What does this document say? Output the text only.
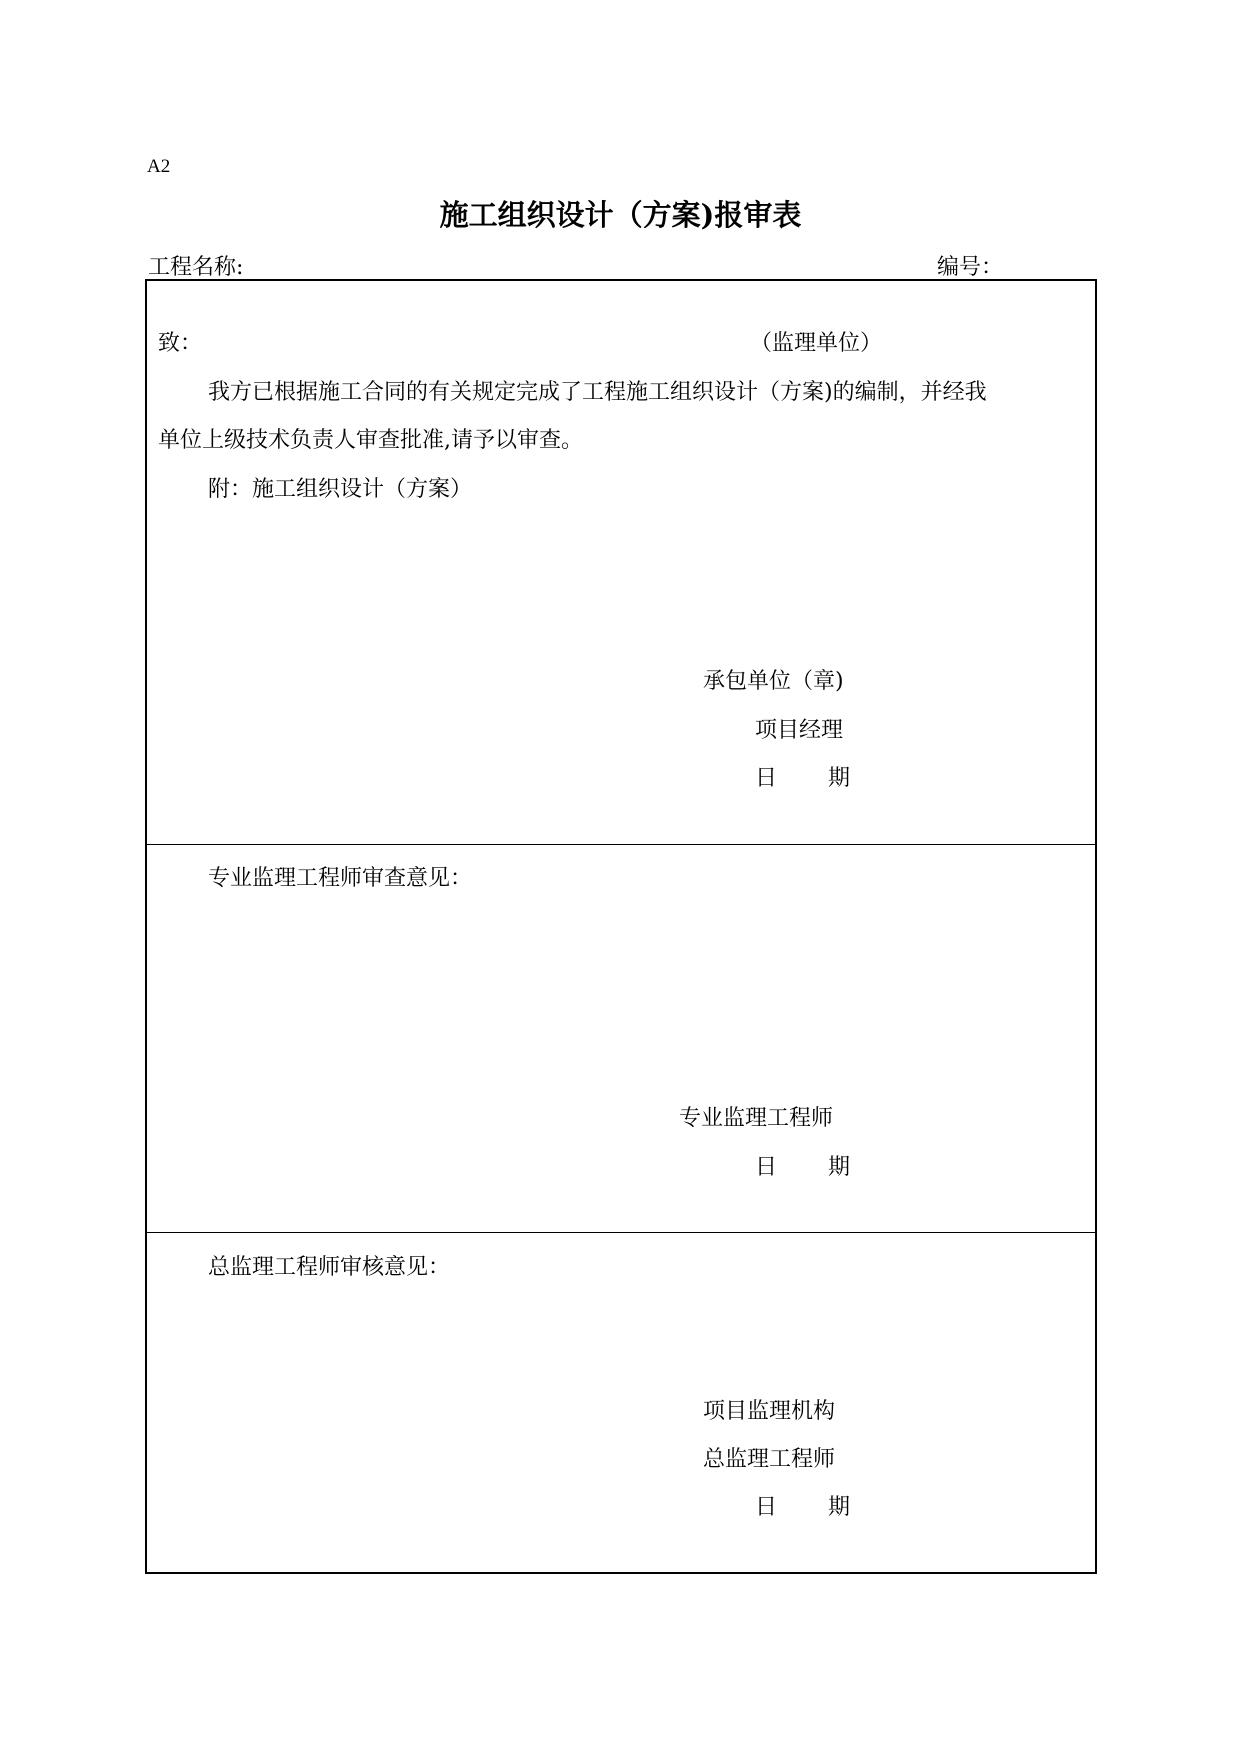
A2
施工组织设计（方案)报审表
工程名称:	编号：
致：	（监理单位）
我方已根据施工合同的有关规定完成了工程施工组织设计（方案)的编制，并经我
单位上级技术负责人审查批准,请予以审查。
附：施工组织设计（方案）
承包单位（章)
项目经理
日 期
专业监理工程师审查意见：
专业监理工程师
日 期
总监理工程师审核意见：
项目监理机构
总监理工程师
日 期
